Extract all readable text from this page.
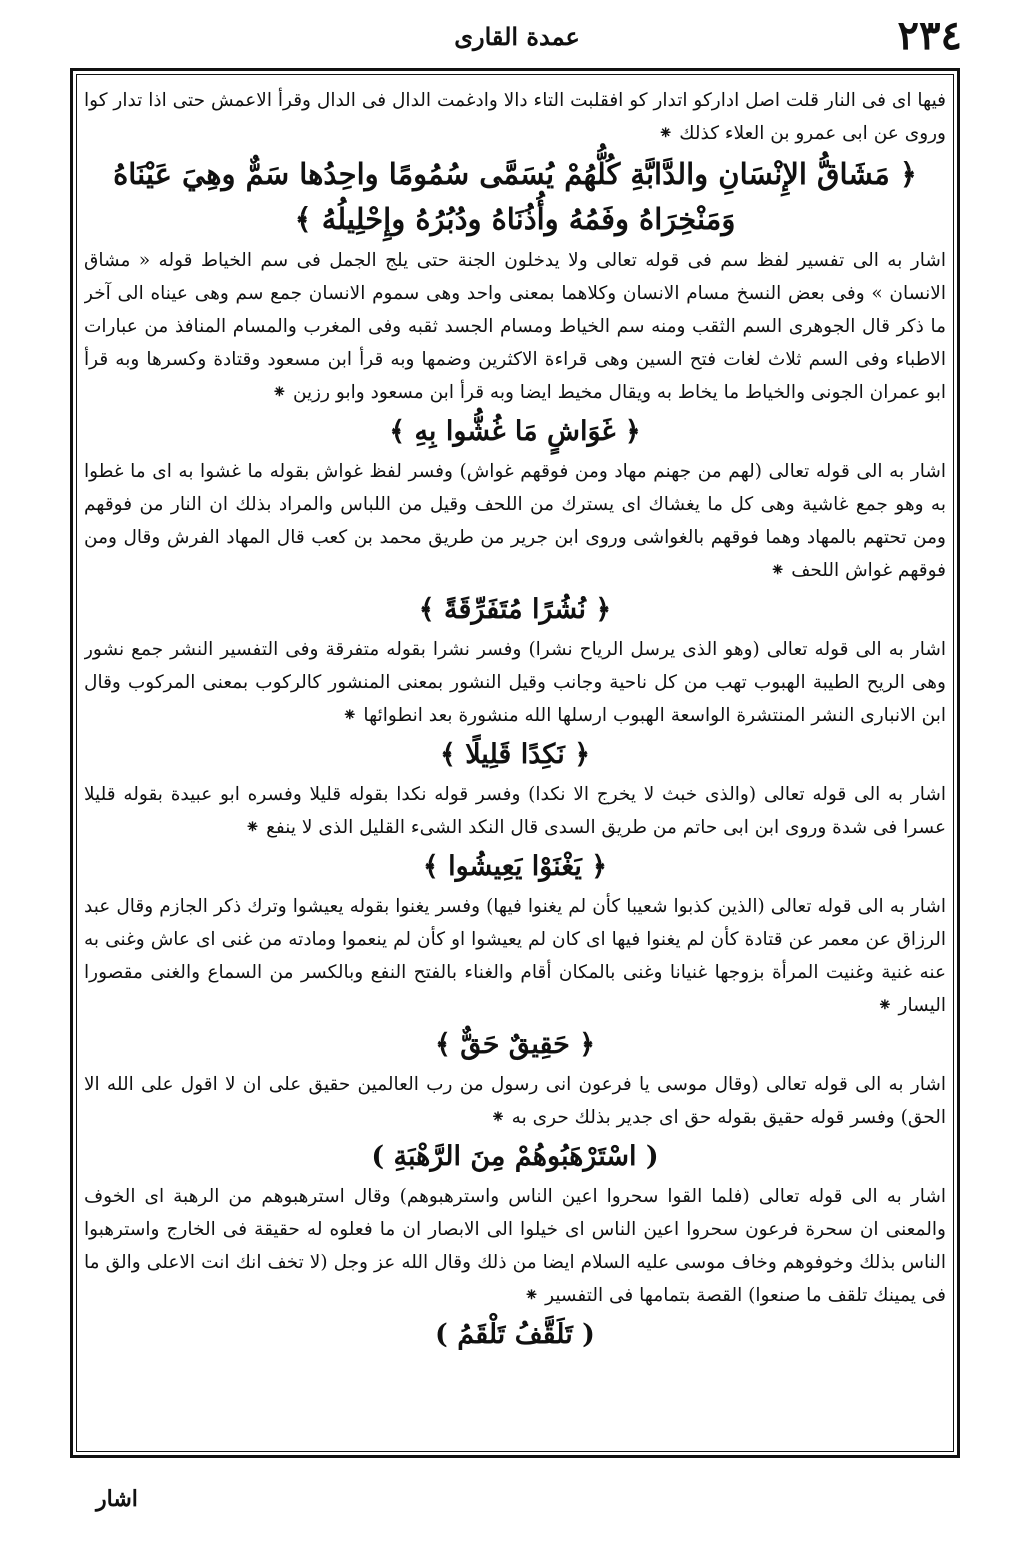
٢٣٤
عمدة القارى

فيها اى فى النار قلت اصل اداركو اتدار كو افقلبت التاء دالا وادغمت الدال فى الدال وقرأ الاعمش حتى اذا تدار كوا وروى عن ابى عمرو بن العلاء كذلك ⁕

﴿ مَشَاقُّ الإِنْسَانِ والدَّابَّةِ كُلُّهُمْ يُسَمَّى سُمُومًا واحِدُها سَمٌّ وهِيَ عَيْنَاهُ وَمَنْخِرَاهُ وفَمُهُ وأُذُنَاهُ ودُبُرُهُ وإِحْلِيلُهُ ﴾

اشار به الى تفسير لفظ سم فى قوله تعالى ولا يدخلون الجنة حتى يلج الجمل فى سم الخياط قوله « مشاق الانسان » وفى بعض النسخ مسام الانسان وكلاهما بمعنى واحد وهى سموم الانسان جمع سم وهى عيناه الى آخر ما ذكر قال الجوهرى السم الثقب ومنه سم الخياط ومسام الجسد ثقبه وفى المغرب والمسام المنافذ من عبارات الاطباء وفى السم ثلاث لغات فتح السين وهى قراءة الاكثرين وضمها وبه قرأ ابن مسعود وقتادة وكسرها وبه قرأ ابو عمران الجونى والخياط ما يخاط به ويقال مخيط ايضا وبه قرأ ابن مسعود وابو رزين ⁕

﴿ غَوَاشٍ مَا غُشُّوا بِهِ ﴾

اشار به الى قوله تعالى (لهم من جهنم مهاد ومن فوقهم غواش) وفسر لفظ غواش بقوله ما غشوا به اى ما غطوا به وهو جمع غاشية وهى كل ما يغشاك اى يسترك من اللحف وقيل من اللباس والمراد بذلك ان النار من فوقهم ومن تحتهم بالمهاد وهما فوقهم بالغواشى وروى ابن جرير من طريق محمد بن كعب قال المهاد الفرش وقال ومن فوقهم غواش اللحف ⁕

﴿ نُشُرًا مُتَفَرِّقَةً ﴾

اشار به الى قوله تعالى (وهو الذى يرسل الرياح نشرا) وفسر نشرا بقوله متفرقة وفى التفسير النشر جمع نشور وهى الريح الطيبة الهبوب تهب من كل ناحية وجانب وقيل النشور بمعنى المنشور كالركوب بمعنى المركوب وقال ابن الانبارى النشر المنتشرة الواسعة الهبوب ارسلها الله منشورة بعد انطوائها ⁕

﴿ نَكِدًا قَلِيلًا ﴾

اشار به الى قوله تعالى (والذى خبث لا يخرج الا نكدا) وفسر قوله نكدا بقوله قليلا وفسره ابو عبيدة بقوله قليلا عسرا فى شدة وروى ابن ابى حاتم من طريق السدى قال النكد الشىء القليل الذى لا ينفع ⁕

﴿ يَغْنَوْا يَعِيشُوا ﴾

اشار به الى قوله تعالى (الذين كذبوا شعيبا كأن لم يغنوا فيها) وفسر يغنوا بقوله يعيشوا وترك ذكر الجازم وقال عبد الرزاق عن معمر عن قتادة كأن لم يغنوا فيها اى كان لم يعيشوا او كأن لم ينعموا ومادته من غنى اى عاش وغنى به عنه غنية وغنيت المرأة بزوجها غنيانا وغنى بالمكان أقام والغناء بالفتح النفع وبالكسر من السماع والغنى مقصورا اليسار ⁕

﴿ حَقِيقٌ حَقٌّ ﴾

اشار به الى قوله تعالى (وقال موسى يا فرعون انى رسول من رب العالمين حقيق على ان لا اقول على الله الا الحق) وفسر قوله حقيق بقوله حق اى جدير بذلك حرى به ⁕

( اسْتَرْهَبُوهُمْ مِنَ الرَّهْبَةِ )

اشار به الى قوله تعالى (فلما القوا سحروا اعين الناس واسترهبوهم) وقال استرهبوهم من الرهبة اى الخوف والمعنى ان سحرة فرعون سحروا اعين الناس اى خيلوا الى الابصار ان ما فعلوه له حقيقة فى الخارج واسترهبوا الناس بذلك وخوفوهم وخاف موسى عليه السلام ايضا من ذلك وقال الله عز وجل (لا تخف انك انت الاعلى والق ما فى يمينك تلقف ما صنعوا) القصة بتمامها فى التفسير ⁕

( تَلَقَّفُ تَلْقَمُ )
اشار
